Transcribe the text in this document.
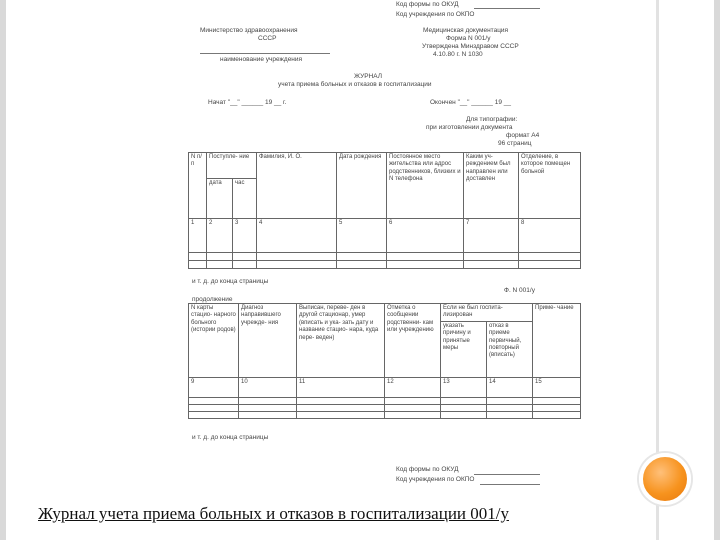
Код формы по ОКУД
Код учреждения по ОКПО
Министерство здравоохранения
СССР
наименование учреждения
Медицинская документация
Форма N 001/у
Утверждена Минздравом СССР
4.10.80 г. N 1030
ЖУРНАЛ
учета приема больных и отказов в госпитализации
Начат "__" ______ 19 __ г.	Окончен "__" ______ 19 __
Для типографии:
при изготовлении документа
формат А4
96 страниц
N п/п	Поступле- ние		Фамилия, И. О.	Дата рождения	Постоянное место жительства или адрос родственников, близких и N телефона	Каким уч- реждением был направлен или доставлен	Отделение, в которое помещен больной
	дата	час					
1	2	3	4	5	6	7	8

и т. д. до конца страницы
Ф. N 001/у
продолжение
N карты стацио- нарного больного (истории родов)	Диагноз направившего учрежде- ния	Выписан, переве- ден в другой стационар, умер (вписать и ука- зать дату и название стацио- нара, куда пере- веден)	Отметка о сообщении родственни- кам или учреждению	Если не был госпита- лизирован		Приме- чание
				указать причину и принятые меры	отказ в приеме первичный, повторный (вписать)	
9	10	11	12	13	14	15

и т. д. до конца страницы
Код формы по ОКУД
Код учреждения по ОКПО
Журнал учета приема больных и отказов в госпитализации 001/у
